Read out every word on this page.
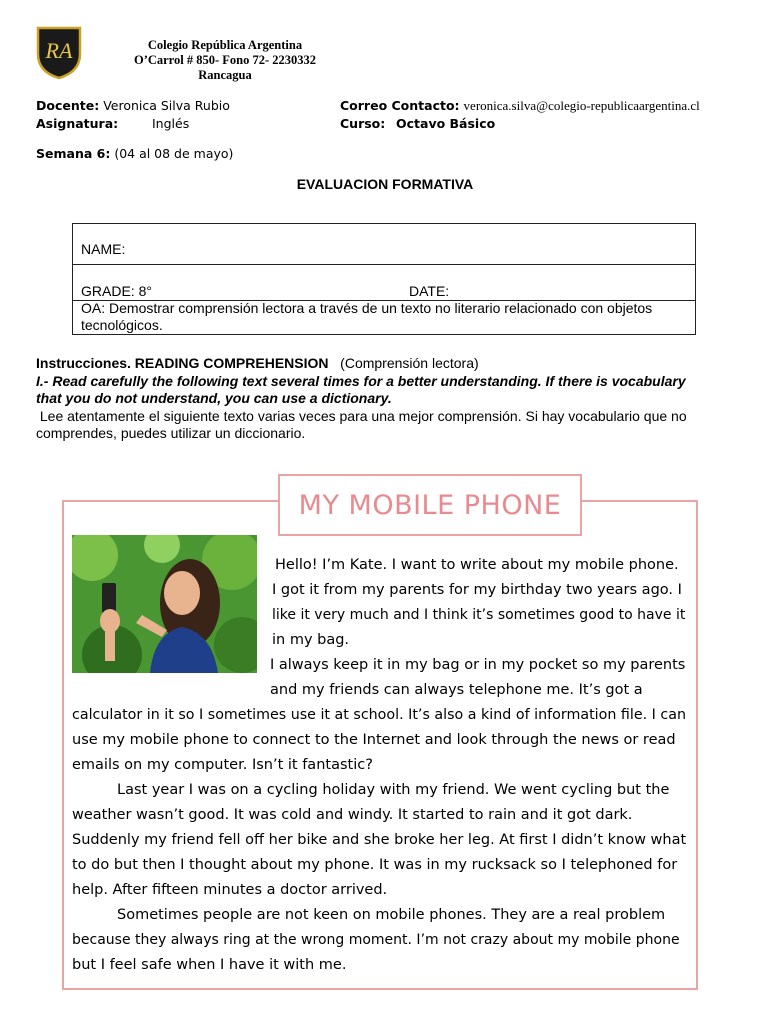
RA	Colegio República Argentina
O’Carrol # 850- Fono 72- 2230332
Rancagua
Docente: Veronica Silva Rubio
Asignatura:	Inglés
Correo Contacto: veronica.silva@colegio-republicaargentina.cl
Curso: Octavo Básico
Semana 6: (04 al 08 de mayo)
EVALUACION FORMATIVA
NAME:
GRADE: 8°	DATE:
OA: Demostrar comprensión lectora a través de un texto no literario relacionado con objetos
tecnológicos.
Instrucciones. READING COMPREHENSION (Comprensión lectora)
I.- Read carefully the following text several times for a better understanding. If there is vocabulary
that you do not understand, you can use a dictionary.
Lee atentamente el siguiente texto varias veces para una mejor comprensión. Si hay vocabulario que no
comprendes, puedes utilizar un diccionario.
MY MOBILE PHONE
Hello! I’m Kate. I want to write about my mobile phone.
I got it from my parents for my birthday two years ago. I
like it very much and I think it’s sometimes good to have it
in my bag.
I always keep it in my bag or in my pocket so my parents
and my friends can always telephone me. It’s got a
calculator in it so I sometimes use it at school. It’s also a kind of information file. I can
use my mobile phone to connect to the Internet and look through the news or read
emails on my computer. Isn’t it fantastic?
Last year I was on a cycling holiday with my friend. We went cycling but the
weather wasn’t good. It was cold and windy. It started to rain and it got dark.
Suddenly my friend fell off her bike and she broke her leg. At first I didn’t know what
to do but then I thought about my phone. It was in my rucksack so I telephoned for
help. After fifteen minutes a doctor arrived.
Sometimes people are not keen on mobile phones. They are a real problem
because they always ring at the wrong moment. I’m not crazy about my mobile phone
but I feel safe when I have it with me.
